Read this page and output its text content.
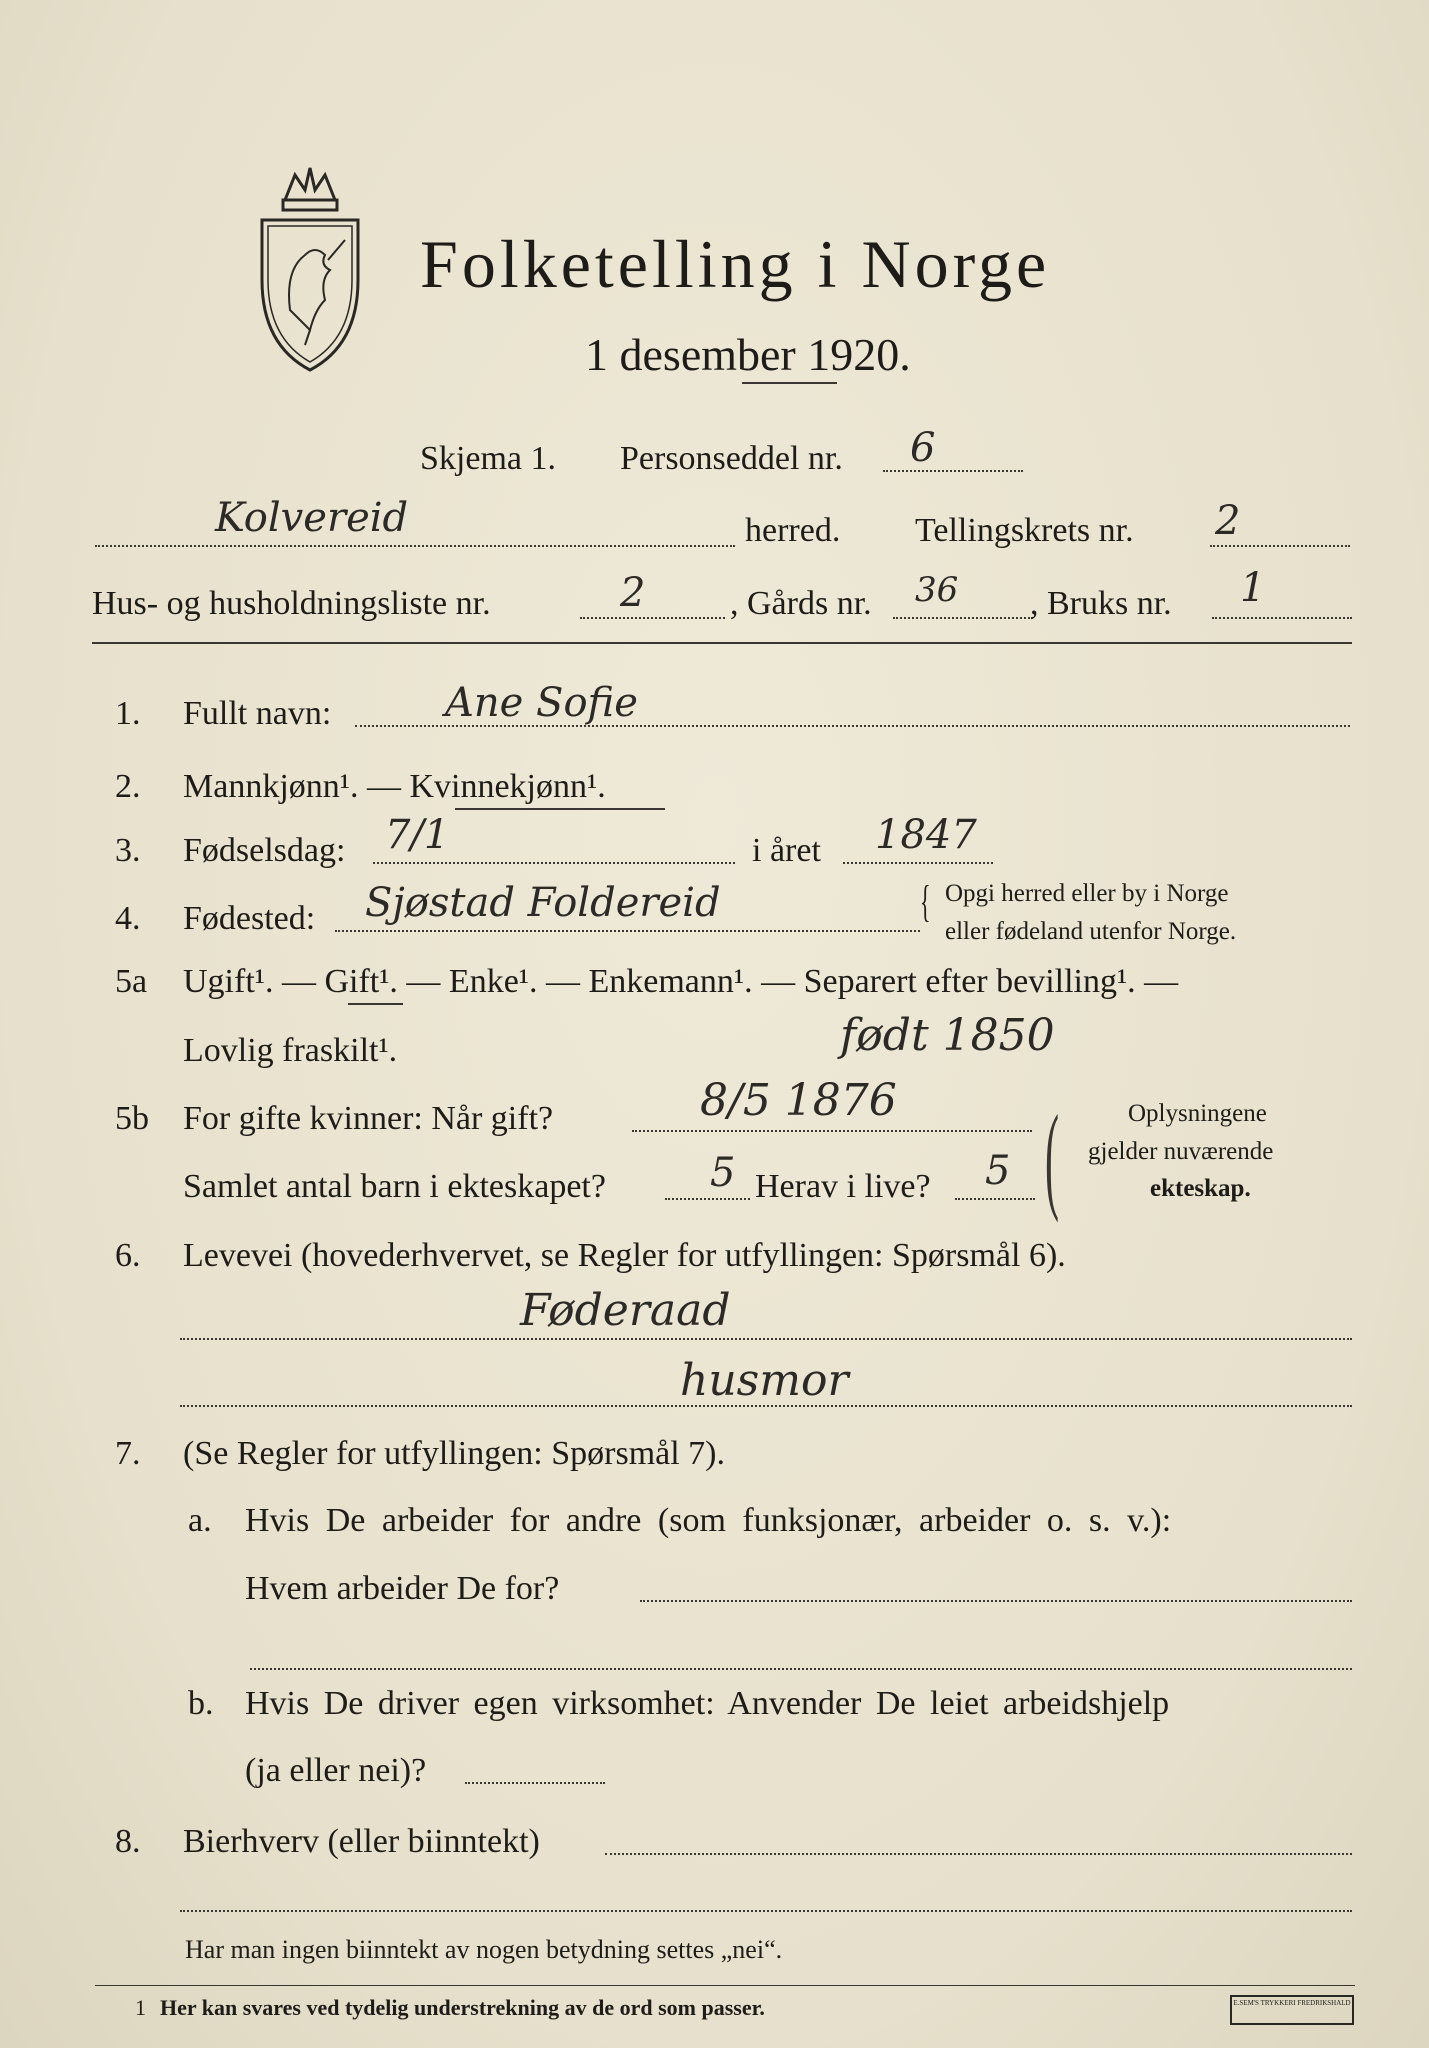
Folketelling i Norge
1 desember 1920.
Skjema 1. Personseddel nr. 6
Kolvereid	herred. Tellingskrets nr. 2
Hus- og husholdningsliste nr.	2 , Gårds nr. 36 , Bruks nr. 1
1. Fullt navn:	Ane Sofie
2. Mannkjønn¹. — Kvinnekjønn¹.
3. Fødselsdag: 7/1	i året 1847
4. Fødested: Sjøstad Foldereid	{ Opgi herred eller by i Norge
eller fødeland utenfor Norge.
5a Ugift¹. — Gift¹. — Enke¹. — Enkemann¹. — Separert efter bevilling¹. —
Lovlig fraskilt¹.	født 1850
5b For gifte kvinner: Når gift?	8/5 1876
Samlet antal barn i ekteskapet?	5 Herav i live? 5 (	Oplysningene
gjelder nuværende
ekteskap.
6. Levevei (hovederhvervet, se Regler for utfyllingen: Spørsmål 6).
Føderaad
husmor
7. (Se Regler for utfyllingen: Spørsmål 7).
a. Hvis De arbeider for andre (som funksjonær, arbeider o. s. v.):
Hvem arbeider De for?
b. Hvis De driver egen virksomhet: Anvender De leiet arbeidshjelp
(ja eller nei)?
8. Bierhverv (eller biinntekt)
Har man ingen biinntekt av nogen betydning settes „nei“.
1 Her kan svares ved tydelig understrekning av de ord som passer.	E.SEM'S TRYKKERI FREDRIKSHALD
